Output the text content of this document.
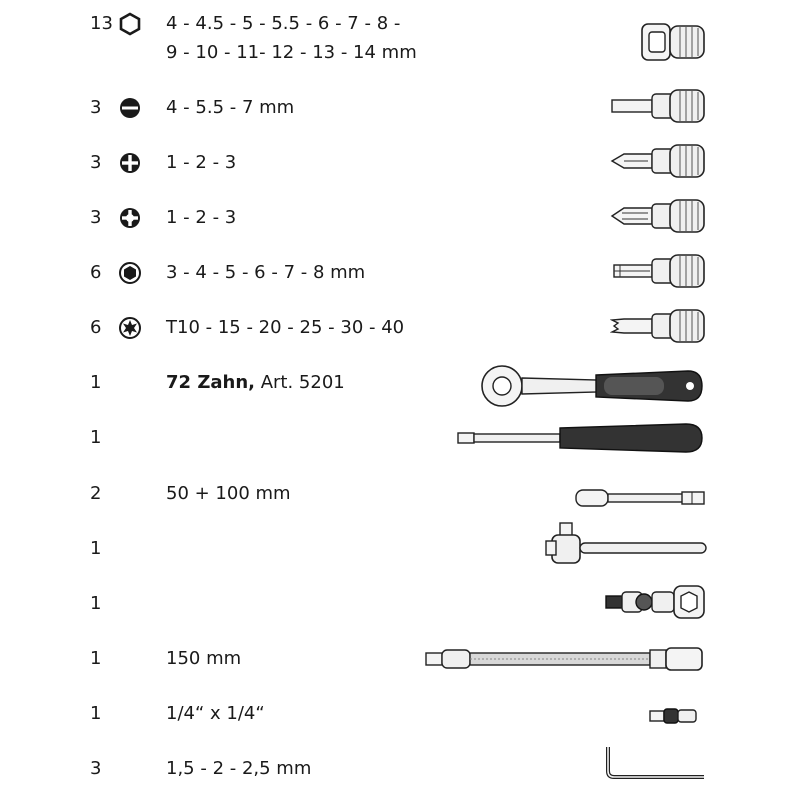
13	4 - 4.5 - 5 - 5.5 - 6 - 7 - 8 -
9 - 10 - 11- 12 - 13 - 14 mm
3	4 - 5.5 - 7 mm
3	1 - 2 - 3
3	1 - 2 - 3
6	3 - 4 - 5 - 6 - 7 - 8 mm
6	T10 - 15 - 20 - 25 - 30 - 40
1	72 Zahn, Art. 5201
1
2	50 + 100 mm
1
1
1	150 mm
1	1/4“ x 1/4“
3	1,5 - 2 - 2,5 mm
